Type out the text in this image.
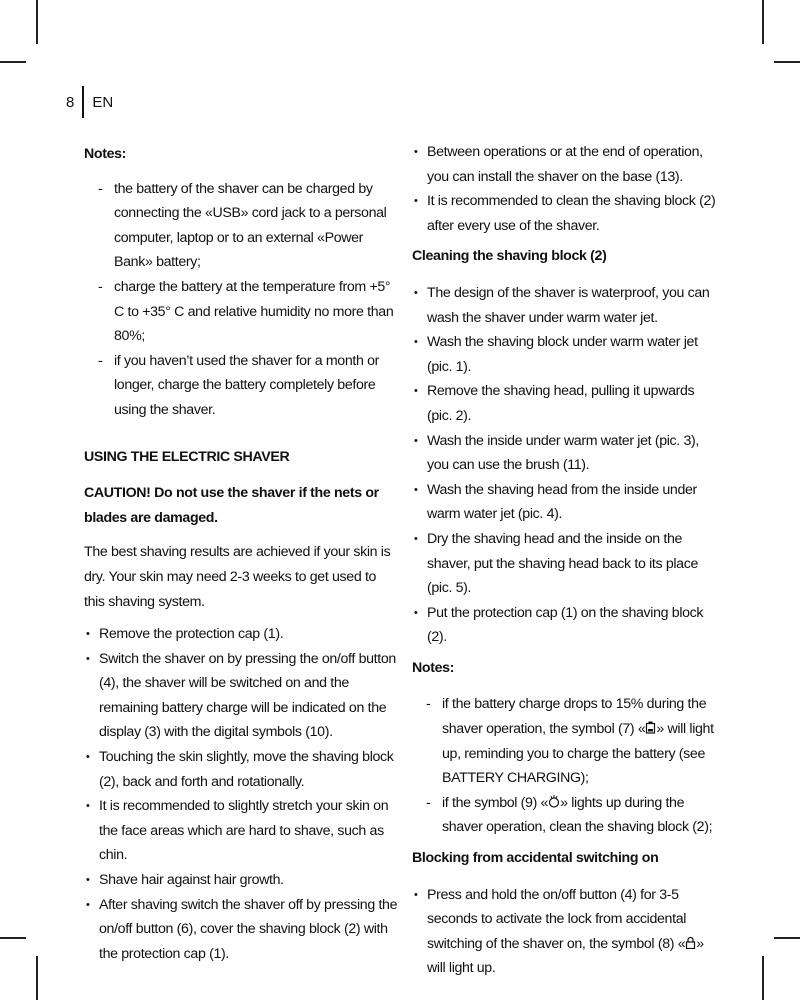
8	EN
Notes:
- the battery of the shaver can be charged by connecting the «USB» cord jack to a personal computer, laptop or to an external «Power Bank» battery;
- charge the battery at the temperature from +5° C to +35° C and relative humidity no more than 80%;
- if you haven’t used the shaver for a month or longer, charge the battery completely before using the shaver.
USING THE ELECTRIC SHAVER
CAUTION! Do not use the shaver if the nets or blades are damaged.
The best shaving results are achieved if your skin is dry. Your skin may need 2-3 weeks to get used to this shaving system.
• Remove the protection cap (1).
• Switch the shaver on by pressing the on/off button (4), the shaver will be switched on and the remaining battery charge will be indicated on the display (3) with the digital symbols (10).
• Touching the skin slightly, move the shaving block (2), back and forth and rotationally.
• It is recommended to slightly stretch your skin on the face areas which are hard to shave, such as chin.
• Shave hair against hair growth.
• After shaving switch the shaver off by pressing the on/off button (6), cover the shaving block (2) with the protection cap (1).
• Between operations or at the end of operation, you can install the shaver on the base (13).
• It is recommended to clean the shaving block (2) after every use of the shaver.
Cleaning the shaving block (2)
• The design of the shaver is waterproof, you can wash the shaver under warm water jet.
• Wash the shaving block under warm water jet (pic. 1).
• Remove the shaving head, pulling it upwards (pic. 2).
• Wash the inside under warm water jet (pic. 3), you can use the brush (11).
• Wash the shaving head from the inside under warm water jet (pic. 4).
• Dry the shaving head and the inside on the shaver, put the shaving head back to its place (pic. 5).
• Put the protection cap (1) on the shaving block (2).
Notes:
- if the battery charge drops to 15% during the shaver operation, the symbol (7) « » will light up, reminding you to charge the battery (see BATTERY CHARGING);
- if the symbol (9) « » lights up during the shaver operation, clean the shaving block (2);
Blocking from accidental switching on
• Press and hold the on/off button (4) for 3-5 seconds to activate the lock from accidental switching of the shaver on, the symbol (8) « » will light up.
